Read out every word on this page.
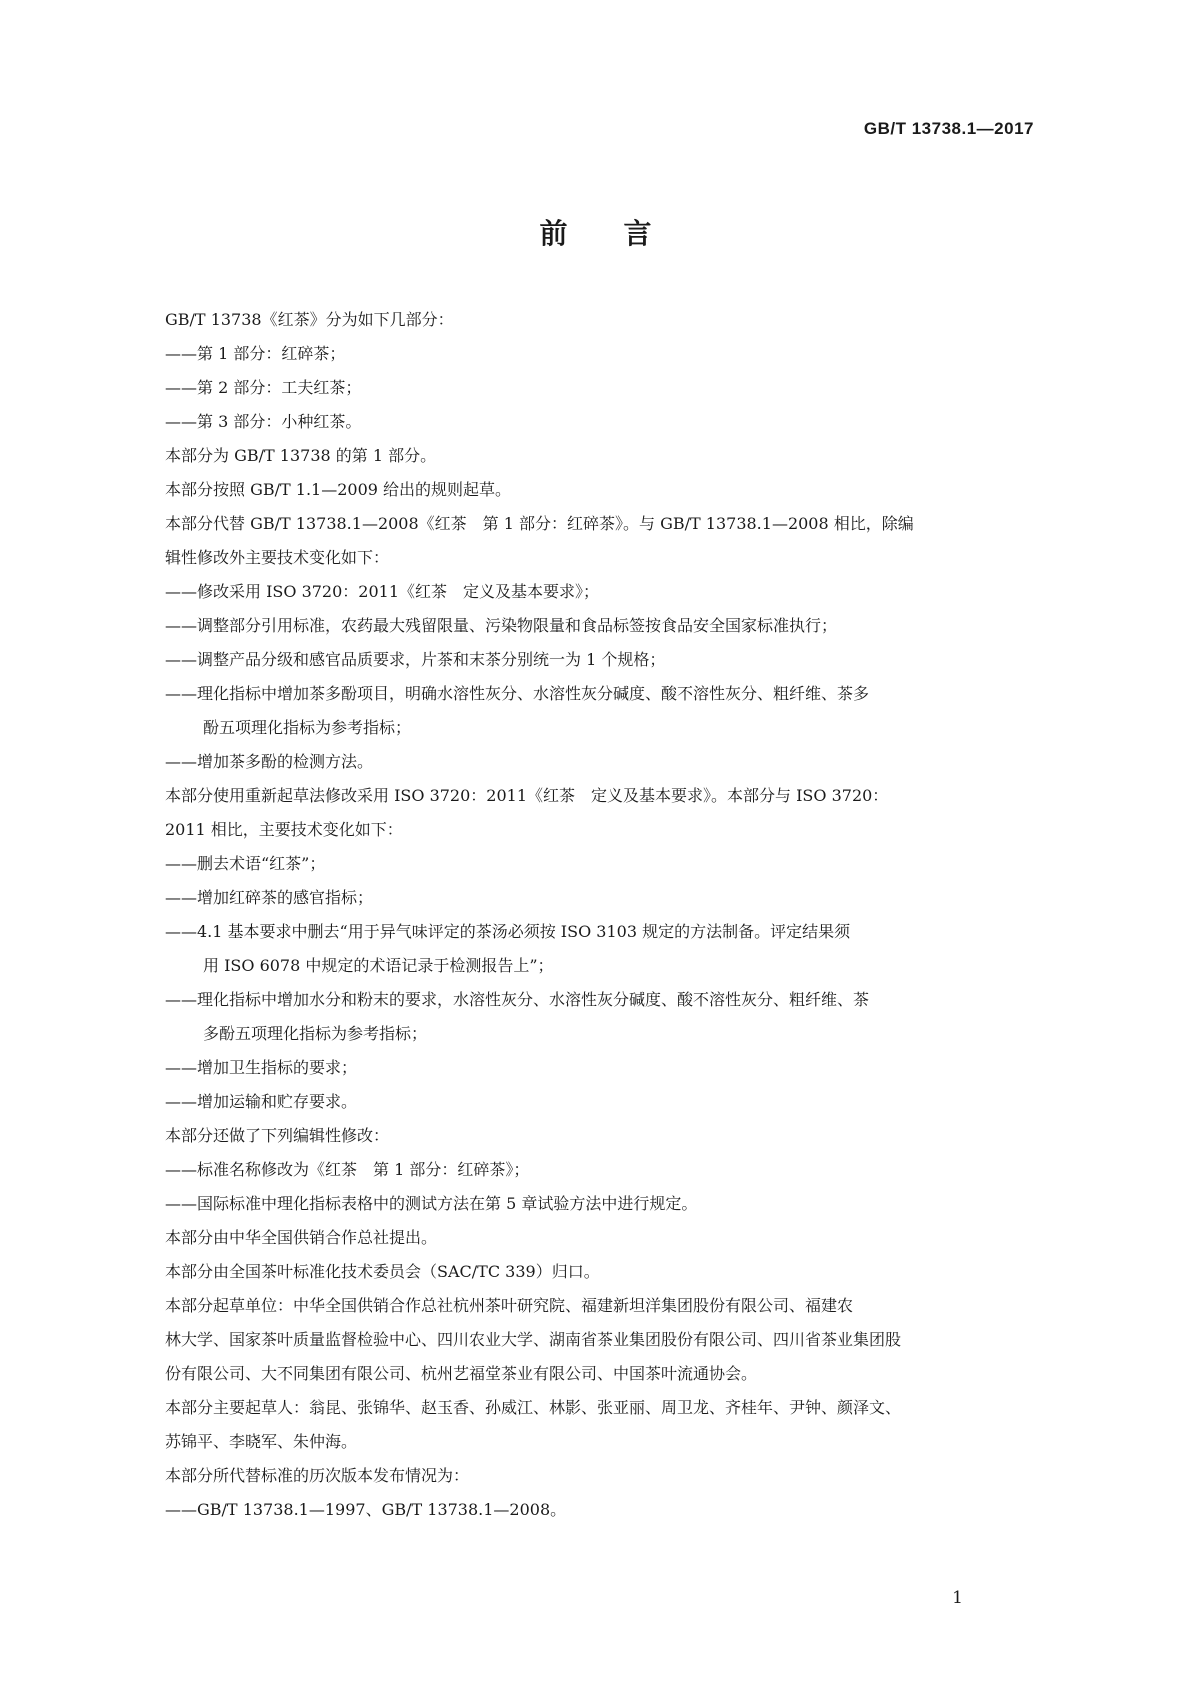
GB/T 13738.1—2017
前 言

GB/T 13738《红茶》分为如下几部分：

——第 1 部分：红碎茶；

——第 2 部分：工夫红茶；

——第 3 部分：小种红茶。

本部分为 GB/T 13738 的第 1 部分。

本部分按照 GB/T 1.1—2009 给出的规则起草。

本部分代替 GB/T 13738.1—2008《红茶　第 1 部分：红碎茶》。与 GB/T 13738.1—2008 相比，除编

辑性修改外主要技术变化如下：

——修改采用 ISO 3720：2011《红茶　定义及基本要求》；

——调整部分引用标准，农药最大残留限量、污染物限量和食品标签按食品安全国家标准执行；

——调整产品分级和感官品质要求，片茶和末茶分别统一为 1 个规格；

——理化指标中增加茶多酚项目，明确水溶性灰分、水溶性灰分碱度、酸不溶性灰分、粗纤维、茶多

酚五项理化指标为参考指标；

——增加茶多酚的检测方法。

本部分使用重新起草法修改采用 ISO 3720：2011《红茶　定义及基本要求》。本部分与 ISO 3720：

2011 相比，主要技术变化如下：

——删去术语“红茶”；

——增加红碎茶的感官指标；

——4.1 基本要求中删去“用于异气味评定的茶汤必须按 ISO 3103 规定的方法制备。评定结果须

用 ISO 6078 中规定的术语记录于检测报告上”；

——理化指标中增加水分和粉末的要求，水溶性灰分、水溶性灰分碱度、酸不溶性灰分、粗纤维、茶

多酚五项理化指标为参考指标；

——增加卫生指标的要求；

——增加运输和贮存要求。

本部分还做了下列编辑性修改：

——标准名称修改为《红茶　第 1 部分：红碎茶》；

——国际标准中理化指标表格中的测试方法在第 5 章试验方法中进行规定。

本部分由中华全国供销合作总社提出。

本部分由全国茶叶标准化技术委员会（SAC/TC 339）归口。

本部分起草单位：中华全国供销合作总社杭州茶叶研究院、福建新坦洋集团股份有限公司、福建农

林大学、国家茶叶质量监督检验中心、四川农业大学、湖南省茶业集团股份有限公司、四川省茶业集团股

份有限公司、大不同集团有限公司、杭州艺福堂茶业有限公司、中国茶叶流通协会。

本部分主要起草人：翁昆、张锦华、赵玉香、孙威江、林影、张亚丽、周卫龙、齐桂年、尹钟、颜泽文、

苏锦平、李晓军、朱仲海。

本部分所代替标准的历次版本发布情况为：

——GB/T 13738.1—1997、GB/T 13738.1—2008。

1
